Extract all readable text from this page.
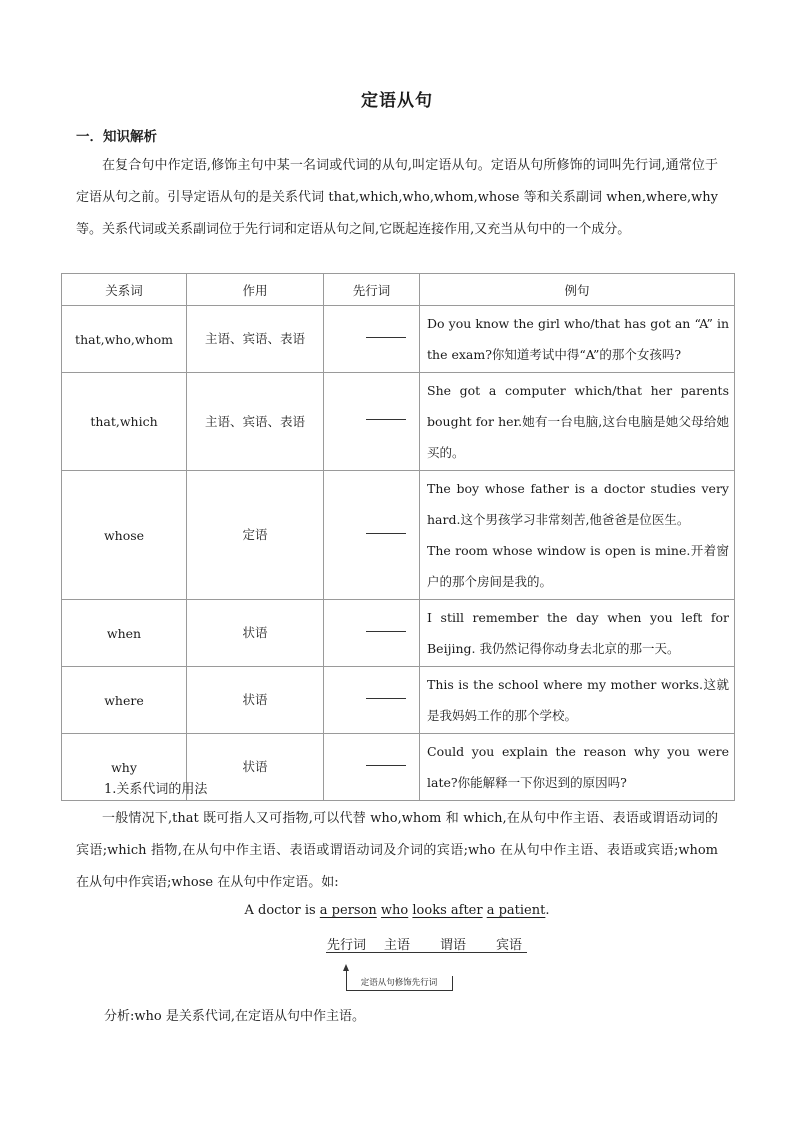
定语从句
一．知识解析
在复合句中作定语,修饰主句中某一名词或代词的从句,叫定语从句。定语从句所修饰的词叫先行词,通常位于定语从句之前。引导定语从句的是关系代词 that,which,who,whom,whose 等和关系副词 when,where,why 等。关系代词或关系副词位于先行词和定语从句之间,它既起连接作用,又充当从句中的一个成分。
关系词	作用	先行词	例句
that,who,whom	主语、宾语、表语		Do you know the girl who/that has got an “A” in the exam?你知道考试中得“A”的那个女孩吗?
that,which	主语、宾语、表语		She got a computer which/that her parents bought for her.她有一台电脑,这台电脑是她父母给她买的。
whose	定语		The boy whose father is a doctor studies very hard.这个男孩学习非常刻苦,他爸爸是位医生。
The room whose window is open is mine.开着窗户的那个房间是我的。

when	状语		I still remember the day when you left for Beijing. 我仍然记得你动身去北京的那一天。
where	状语		This is the school where my mother works.这就是我妈妈工作的那个学校。
why	状语		Could you explain the reason why you were late?你能解释一下你迟到的原因吗?
1.关系代词的用法
一般情况下,that 既可指人又可指物,可以代替 who,whom 和 which,在从句中作主语、表语或谓语动词的宾语;which 指物,在从句中作主语、表语或谓语动词及介词的宾语;who 在从句中作主语、表语或宾语;whom 在从句中作宾语;whose 在从句中作定语。如:
A doctor is a person who looks after a patient.
先行词 主语 谓语 宾语
定语从句修饰先行词
分析:who 是关系代词,在定语从句中作主语。
